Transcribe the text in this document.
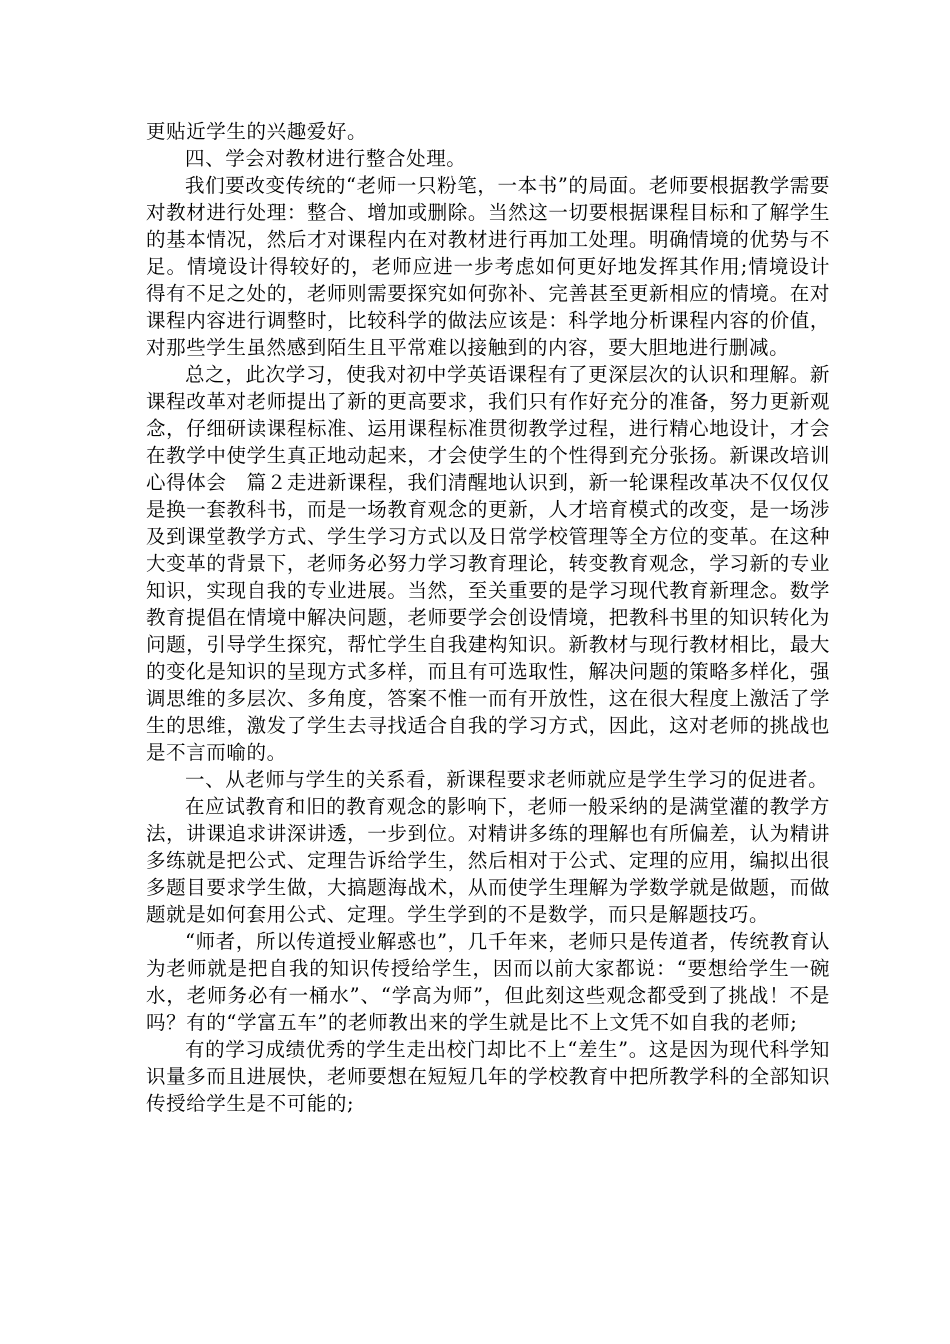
更贴近学生的兴趣爱好。

四、学会对教材进行整合处理。

我们要改变传统的“老师一只粉笔，一本书”的局面。老师要根据教学需要对教材进行处理：整合、增加或删除。当然这一切要根据课程目标和了解学生的基本情况，然后才对课程内在对教材进行再加工处理。明确情境的优势与不足。情境设计得较好的，老师应进一步考虑如何更好地发挥其作用;情境设计得有不足之处的，老师则需要探究如何弥补、完善甚至更新相应的情境。在对课程内容进行调整时，比较科学的做法应该是：科学地分析课程内容的价值，对那些学生虽然感到陌生且平常难以接触到的内容，要大胆地进行删减。

总之，此次学习，使我对初中学英语课程有了更深层次的认识和理解。新课程改革对老师提出了新的更高要求，我们只有作好充分的准备，努力更新观念，仔细研读课程标准、运用课程标准贯彻教学过程，进行精心地设计，才会在教学中使学生真正地动起来，才会使学生的个性得到充分张扬。新课改培训心得体会　篇２走进新课程，我们清醒地认识到，新一轮课程改革决不仅仅仅是换一套教科书，而是一场教育观念的更新，人才培育模式的改变，是一场涉及到课堂教学方式、学生学习方式以及日常学校管理等全方位的变革。在这种大变革的背景下，老师务必努力学习教育理论，转变教育观念，学习新的专业知识，实现自我的专业进展。当然，至关重要的是学习现代教育新理念。数学教育提倡在情境中解决问题，老师要学会创设情境，把教科书里的知识转化为问题，引导学生探究，帮忙学生自我建构知识。新教材与现行教材相比，最大的变化是知识的呈现方式多样，而且有可选取性，解决问题的策略多样化，强调思维的多层次、多角度，答案不惟一而有开放性，这在很大程度上激活了学生的思维，激发了学生去寻找适合自我的学习方式，因此，这对老师的挑战也是不言而喻的。

一、从老师与学生的关系看，新课程要求老师就应是学生学习的促进者。

在应试教育和旧的教育观念的影响下，老师一般采纳的是满堂灌的教学方法，讲课追求讲深讲透，一步到位。对精讲多练的理解也有所偏差，认为精讲多练就是把公式、定理告诉给学生，然后相对于公式、定理的应用，编拟出很多题目要求学生做，大搞题海战术，从而使学生理解为学数学就是做题，而做题就是如何套用公式、定理。学生学到的不是数学，而只是解题技巧。

“师者，所以传道授业解惑也”，几千年来，老师只是传道者，传统教育认为老师就是把自我的知识传授给学生，因而以前大家都说：“要想给学生一碗水，老师务必有一桶水”、“学高为师”，但此刻这些观念都受到了挑战！不是吗？有的“学富五车”的老师教出来的学生就是比不上文凭不如自我的老师;

有的学习成绩优秀的学生走出校门却比不上“差生”。这是因为现代科学知识量多而且进展快，老师要想在短短几年的学校教育中把所教学科的全部知识传授给学生是不可能的;
